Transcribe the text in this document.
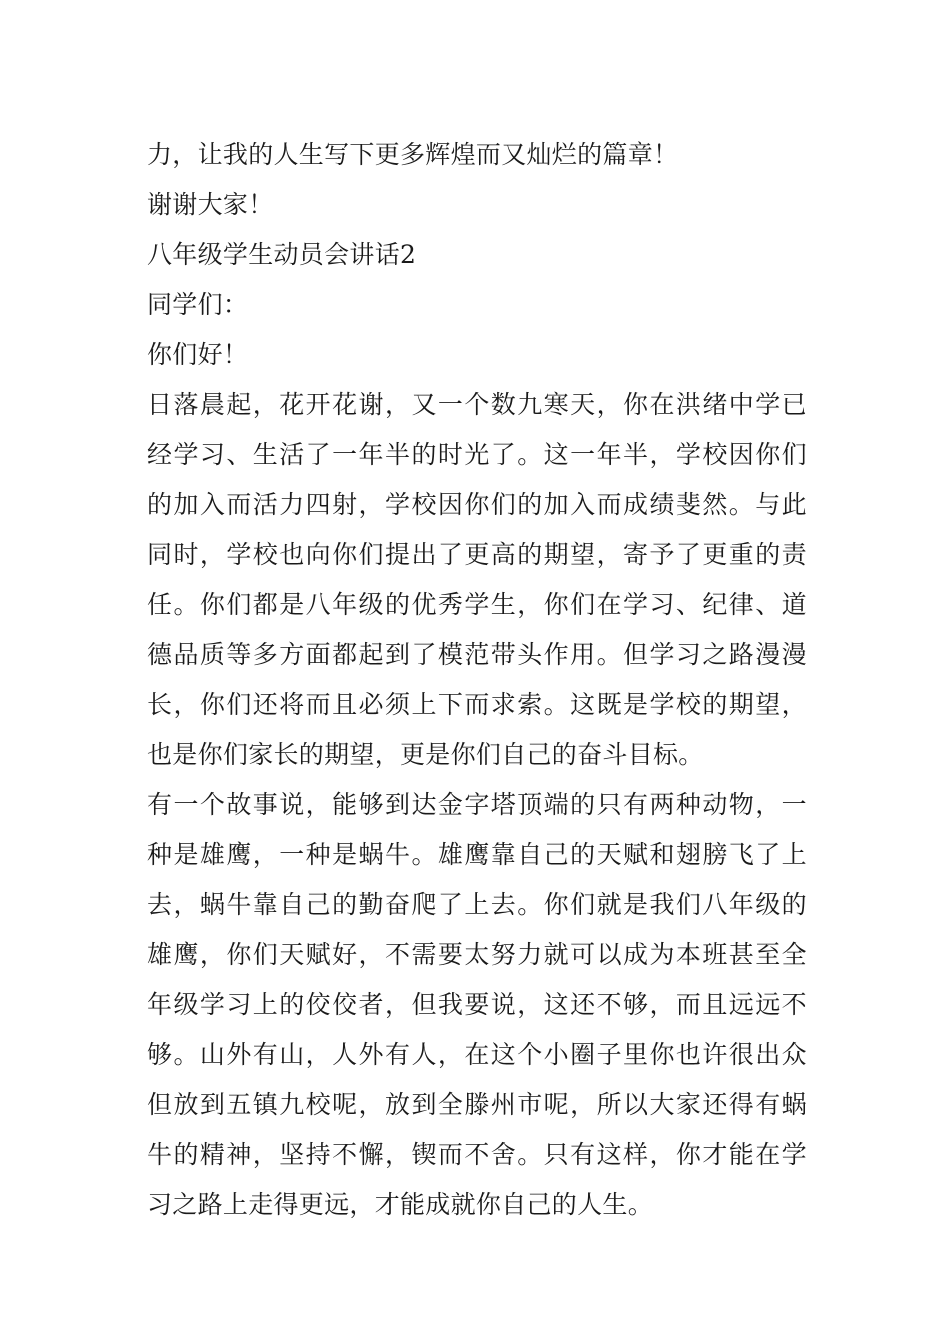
力，让我的人生写下更多辉煌而又灿烂的篇章！

谢谢大家！

八年级学生动员会讲话2

同学们：

你们好！

日落晨起，花开花谢，又一个数九寒天，你在洪绪中学已

经学习、生活了一年半的时光了。这一年半，学校因你们

的加入而活力四射，学校因你们的加入而成绩斐然。与此

同时，学校也向你们提出了更高的期望，寄予了更重的责

任。你们都是八年级的优秀学生，你们在学习、纪律、道

德品质等多方面都起到了模范带头作用。但学习之路漫漫

长，你们还将而且必须上下而求索。这既是学校的期望，

也是你们家长的期望，更是你们自己的奋斗目标。

有一个故事说，能够到达金字塔顶端的只有两种动物，一

种是雄鹰，一种是蜗牛。雄鹰靠自己的天赋和翅膀飞了上

去，蜗牛靠自己的勤奋爬了上去。你们就是我们八年级的

雄鹰，你们天赋好，不需要太努力就可以成为本班甚至全

年级学习上的佼佼者，但我要说，这还不够，而且远远不

够。山外有山，人外有人，在这个小圈子里你也许很出众

但放到五镇九校呢，放到全滕州市呢，所以大家还得有蜗

牛的精神，坚持不懈，锲而不舍。只有这样，你才能在学

习之路上走得更远，才能成就你自己的人生。
